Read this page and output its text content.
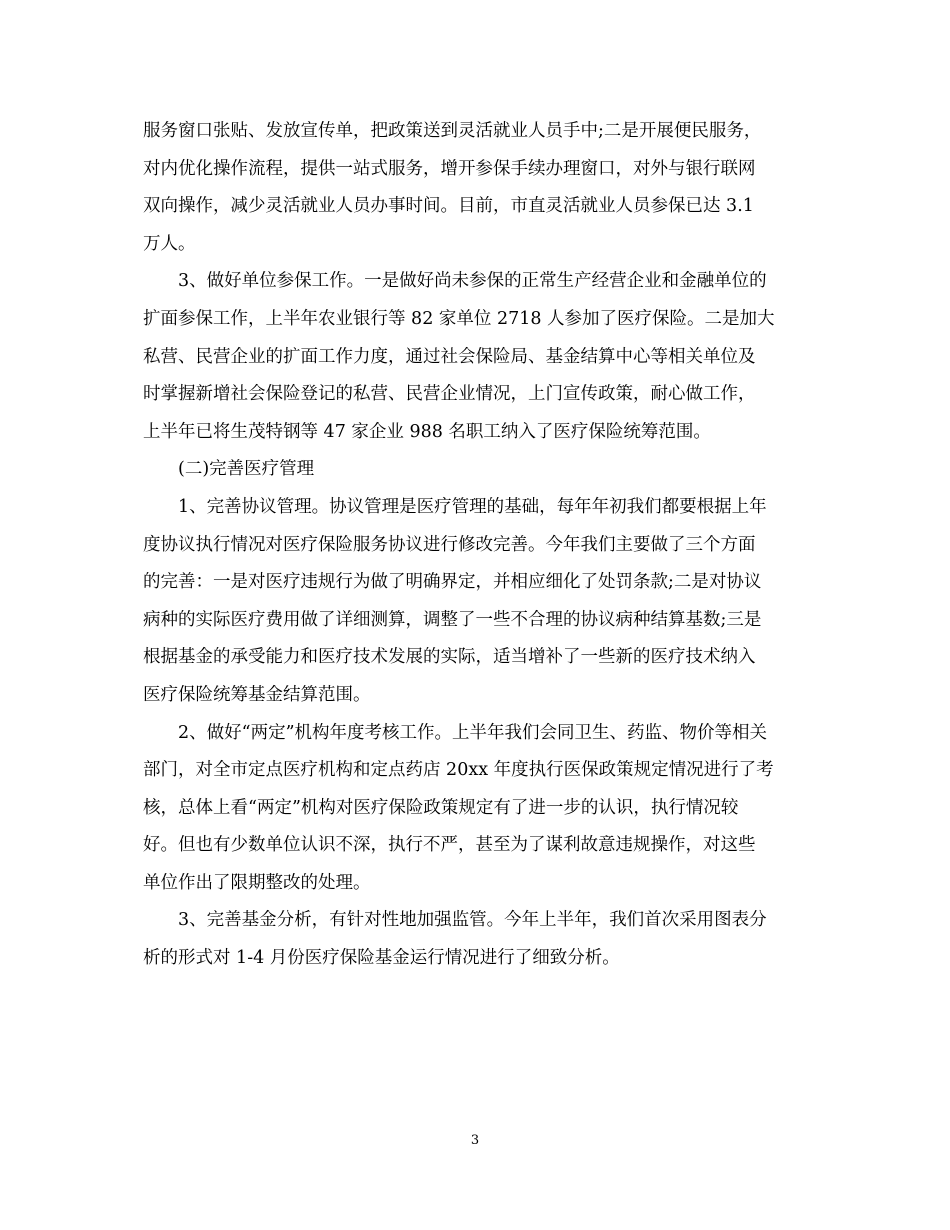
服务窗口张贴、发放宣传单，把政策送到灵活就业人员手中;二是开展便民服务，
对内优化操作流程，提供一站式服务，增开参保手续办理窗口，对外与银行联网
双向操作，减少灵活就业人员办事时间。目前，市直灵活就业人员参保已达 3.1
万人。
3、做好单位参保工作。一是做好尚未参保的正常生产经营企业和金融单位的
扩面参保工作，上半年农业银行等 82 家单位 2718 人参加了医疗保险。二是加大
私营、民营企业的扩面工作力度，通过社会保险局、基金结算中心等相关单位及
时掌握新增社会保险登记的私营、民营企业情况，上门宣传政策，耐心做工作，
上半年已将生茂特钢等 47 家企业 988 名职工纳入了医疗保险统筹范围。
(二)完善医疗管理
1、完善协议管理。协议管理是医疗管理的基础，每年年初我们都要根据上年
度协议执行情况对医疗保险服务协议进行修改完善。今年我们主要做了三个方面
的完善：一是对医疗违规行为做了明确界定，并相应细化了处罚条款;二是对协议
病种的实际医疗费用做了详细测算，调整了一些不合理的协议病种结算基数;三是
根据基金的承受能力和医疗技术发展的实际，适当增补了一些新的医疗技术纳入
医疗保险统筹基金结算范围。
2、做好“两定”机构年度考核工作。上半年我们会同卫生、药监、物价等相关
部门，对全市定点医疗机构和定点药店 20xx 年度执行医保政策规定情况进行了考
核，总体上看“两定”机构对医疗保险政策规定有了进一步的认识，执行情况较
好。但也有少数单位认识不深，执行不严，甚至为了谋利故意违规操作，对这些
单位作出了限期整改的处理。
3、完善基金分析，有针对性地加强监管。今年上半年，我们首次采用图表分
析的形式对 1-4 月份医疗保险基金运行情况进行了细致分析。
3
